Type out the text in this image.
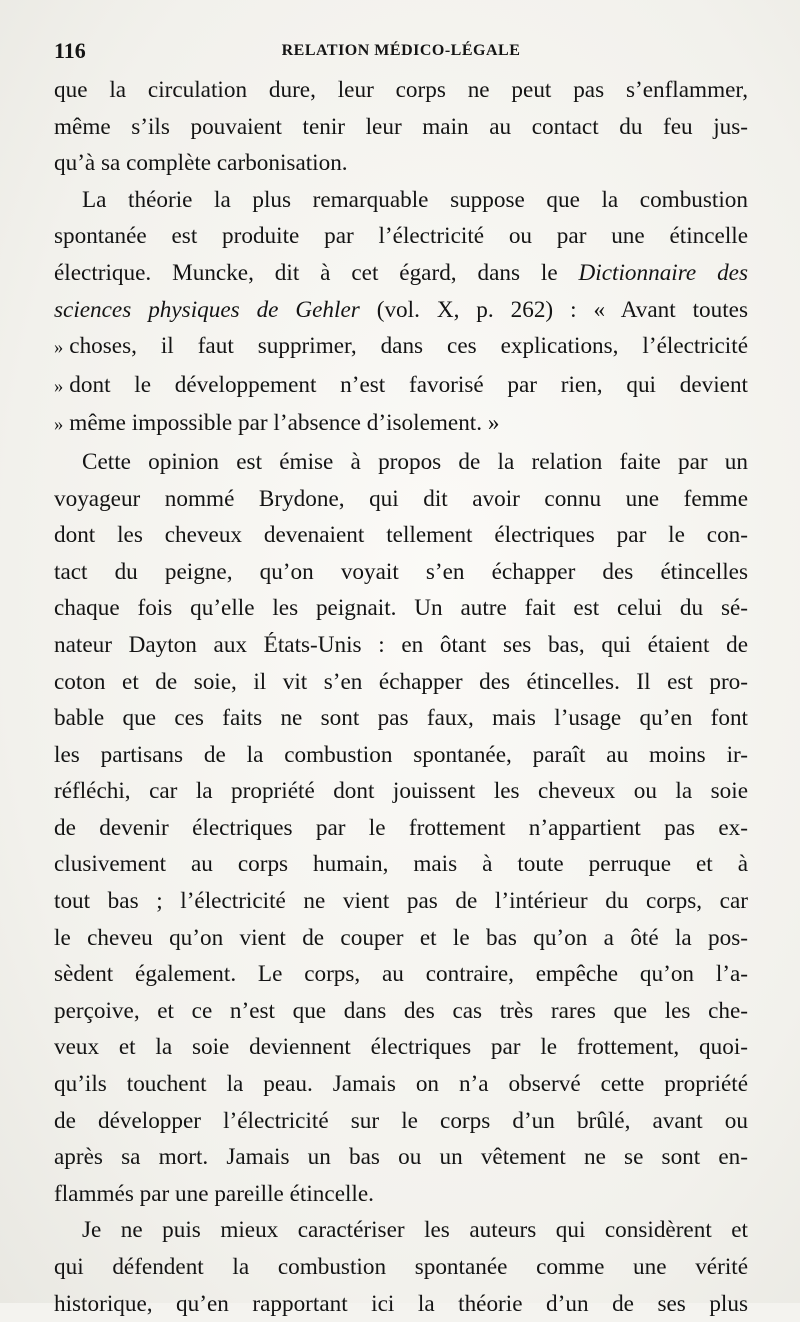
116	RELATION MÉDICO-LÉGALE

que la circulation dure, leur corps ne peut pas s’enflammer,
même s’ils pouvaient tenir leur main au contact du feu jus-
qu’à sa complète carbonisation.

La théorie la plus remarquable suppose que la combustion
spontanée est produite par l’électricité ou par une étincelle
électrique. Muncke, dit à cet égard, dans le Dictionnaire des
sciences physiques de Gehler (vol. X, p. 262) : « Avant toutes
» choses, il faut supprimer, dans ces explications, l’électricité
» dont le développement n’est favorisé par rien, qui devient
» même impossible par l’absence d’isolement. »

Cette opinion est émise à propos de la relation faite par un
voyageur nommé Brydone, qui dit avoir connu une femme
dont les cheveux devenaient tellement électriques par le con-
tact du peigne, qu’on voyait s’en échapper des étincelles
chaque fois qu’elle les peignait. Un autre fait est celui du sé-
nateur Dayton aux États-Unis : en ôtant ses bas, qui étaient de
coton et de soie, il vit s’en échapper des étincelles. Il est pro-
bable que ces faits ne sont pas faux, mais l’usage qu’en font
les partisans de la combustion spontanée, paraît au moins ir-
réfléchi, car la propriété dont jouissent les cheveux ou la soie
de devenir électriques par le frottement n’appartient pas ex-
clusivement au corps humain, mais à toute perruque et à
tout bas ; l’électricité ne vient pas de l’intérieur du corps, car
le cheveu qu’on vient de couper et le bas qu’on a ôté la pos-
sèdent également. Le corps, au contraire, empêche qu’on l’a-
perçoive, et ce n’est que dans des cas très rares que les che-
veux et la soie deviennent électriques par le frottement, quoi-
qu’ils touchent la peau. Jamais on n’a observé cette propriété
de développer l’électricité sur le corps d’un brûlé, avant ou
après sa mort. Jamais un bas ou un vêtement ne se sont en-
flammés par une pareille étincelle.

Je ne puis mieux caractériser les auteurs qui considèrent et
qui défendent la combustion spontanée comme une vérité
historique, qu’en rapportant ici la théorie d’un de ses plus
